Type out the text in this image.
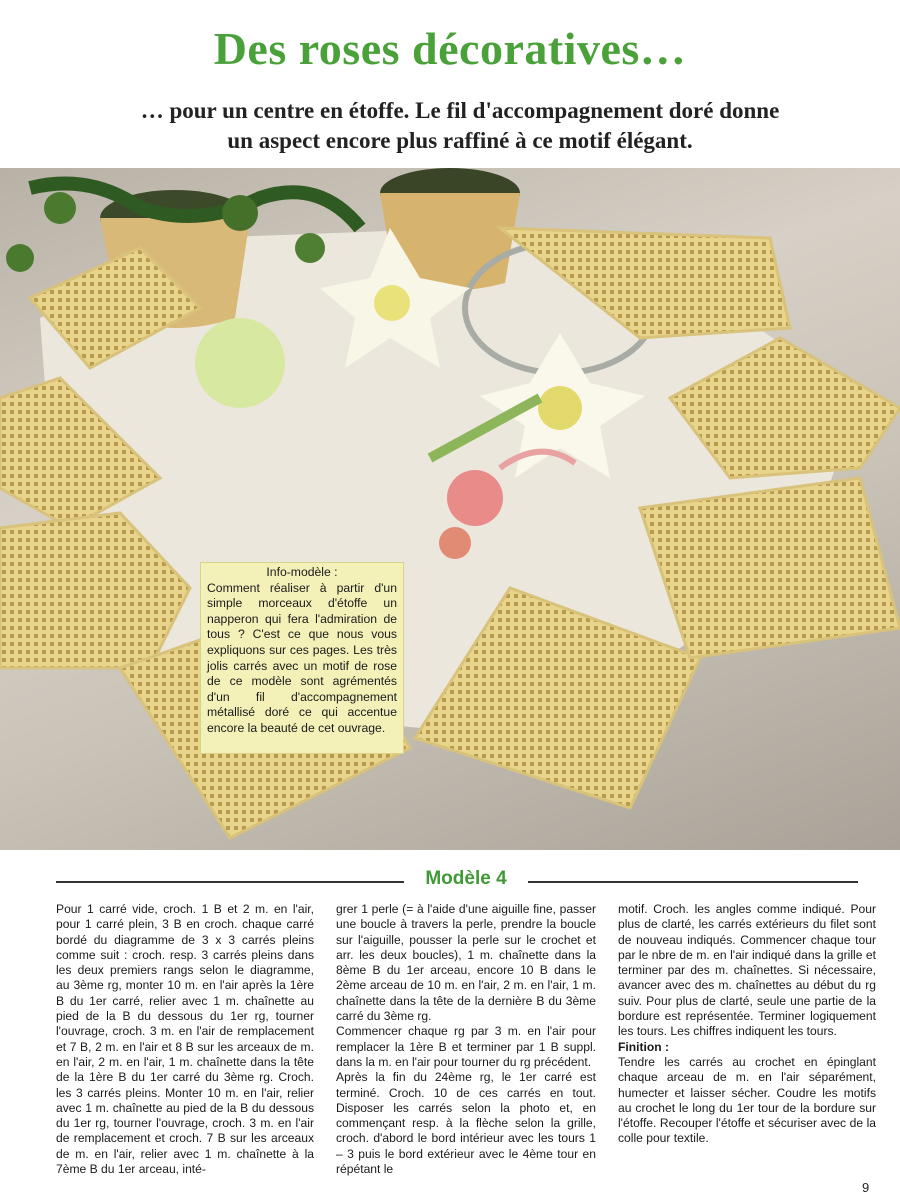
Des roses décoratives…
… pour un centre en étoffe. Le fil d'accompagnement doré donne
un aspect encore plus raffiné à ce motif élégant.
Info-modèle :
Comment réaliser à partir d'un simple morceaux d'étoffe un napperon qui fera l'admiration de tous ? C'est ce que nous vous expliquons sur ces pages. Les très jolis carrés avec un motif de rose de ce modèle sont agrémentés d'un fil d'accompagnement métallisé doré ce qui accentue encore la beauté de cet ouvrage.
Modèle 4

Pour 1 carré vide, croch. 1 B et 2 m. en l'air, pour 1 carré plein, 3 B en croch. chaque carré bordé du diagramme de 3 x 3 carrés pleins comme suit : croch. resp. 3 carrés pleins dans les deux premiers rangs selon le diagramme, au 3ème rg, monter 10 m. en l'air après la 1ère B du 1er carré, relier avec 1 m. chaînette au pied de la B du dessous du 1er rg, tourner l'ouvrage, croch. 3 m. en l'air de remplacement et 7 B, 2 m. en l'air et 8 B sur les arceaux de m. en l'air, 2 m. en l'air, 1 m. chaînette dans la tête de la 1ère B du 1er carré du 3ème rg. Croch. les 3 carrés pleins. Monter 10 m. en l'air, relier avec 1 m. chaînette au pied de la B du dessous du 1er rg, tourner l'ouvrage, croch. 3 m. en l'air de remplacement et croch. 7 B sur les arceaux de m. en l'air, relier avec 1 m. chaînette à la 7ème B du 1er arceau, inté-

grer 1 perle (= à l'aide d'une aiguille fine, passer une boucle à travers la perle, prendre la boucle sur l'aiguille, pousser la perle sur le crochet et arr. les deux boucles), 1 m. chaînette dans la 8ème B du 1er arceau, encore 10 B dans le 2ème arceau de 10 m. en l'air, 2 m. en l'air, 1 m. chaînette dans la tête de la dernière B du 3ème carré du 3ème rg.

Commencer chaque rg par 3 m. en l'air pour remplacer la 1ère B et terminer par 1 B suppl. dans la m. en l'air pour tourner du rg précédent.

Après la fin du 24ème rg, le 1er carré est terminé. Croch. 10 de ces carrés en tout. Disposer les carrés selon la photo et, en commençant resp. à la flèche selon la grille, croch. d'abord le bord intérieur avec les tours 1 – 3 puis le bord extérieur avec le 4ème tour en répétant le

motif. Croch. les angles comme indiqué. Pour plus de clarté, les carrés extérieurs du filet sont de nouveau indiqués. Commencer chaque tour par le nbre de m. en l'air indiqué dans la grille et terminer par des m. chaînettes. Si nécessaire, avancer avec des m. chaînettes au début du rg suiv. Pour plus de clarté, seule une partie de la bordure est représentée. Terminer logiquement les tours. Les chiffres indiquent les tours.

Finition :

Tendre les carrés au crochet en épinglant chaque arceau de m. en l'air séparément, humecter et laisser sécher. Coudre les motifs au crochet le long du 1er tour de la bordure sur l'étoffe. Recouper l'étoffe et sécuriser avec de la colle pour textile.

9
